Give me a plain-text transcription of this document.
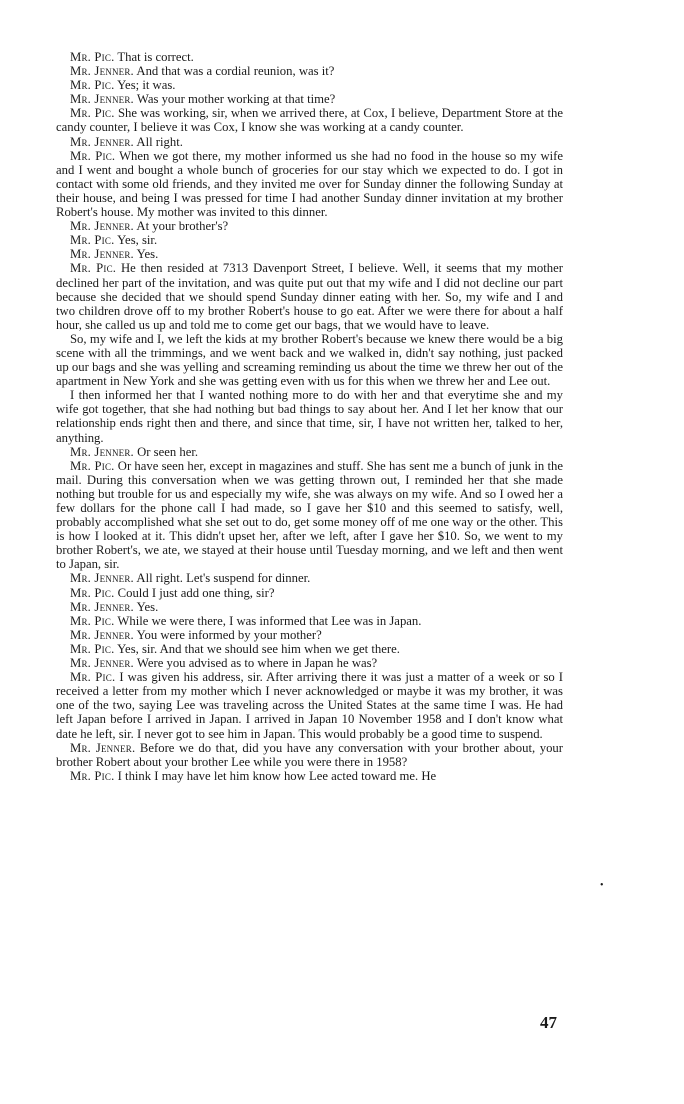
Mr. Pic. That is correct.

Mr. Jenner. And that was a cordial reunion, was it?

Mr. Pic. Yes; it was.

Mr. Jenner. Was your mother working at that time?

Mr. Pic. She was working, sir, when we arrived there, at Cox, I believe, Department Store at the candy counter, I believe it was Cox, I know she was working at a candy counter.

Mr. Jenner. All right.

Mr. Pic. When we got there, my mother informed us she had no food in the house so my wife and I went and bought a whole bunch of groceries for our stay which we expected to do. I got in contact with some old friends, and they invited me over for Sunday dinner the following Sunday at their house, and being I was pressed for time I had another Sunday dinner invitation at my brother Robert's house. My mother was invited to this dinner.

Mr. Jenner. At your brother's?

Mr. Pic. Yes, sir.

Mr. Jenner. Yes.

Mr. Pic. He then resided at 7313 Davenport Street, I believe. Well, it seems that my mother declined her part of the invitation, and was quite put out that my wife and I did not decline our part because she decided that we should spend Sunday dinner eating with her. So, my wife and I and two children drove off to my brother Robert's house to go eat. After we were there for about a half hour, she called us up and told me to come get our bags, that we would have to leave.

So, my wife and I, we left the kids at my brother Robert's because we knew there would be a big scene with all the trimmings, and we went back and we walked in, didn't say nothing, just packed up our bags and she was yelling and screaming reminding us about the time we threw her out of the apartment in New York and she was getting even with us for this when we threw her and Lee out.

I then informed her that I wanted nothing more to do with her and that everytime she and my wife got together, that she had nothing but bad things to say about her. And I let her know that our relationship ends right then and there, and since that time, sir, I have not written her, talked to her, anything.

Mr. Jenner. Or seen her.

Mr. Pic. Or have seen her, except in magazines and stuff. She has sent me a bunch of junk in the mail. During this conversation when we was getting thrown out, I reminded her that she made nothing but trouble for us and especially my wife, she was always on my wife. And so I owed her a few dollars for the phone call I had made, so I gave her $10 and this seemed to satisfy, well, probably accomplished what she set out to do, get some money off of me one way or the other. This is how I looked at it. This didn't upset her, after we left, after I gave her $10. So, we went to my brother Robert's, we ate, we stayed at their house until Tuesday morning, and we left and then went to Japan, sir.

Mr. Jenner. All right. Let's suspend for dinner.

Mr. Pic. Could I just add one thing, sir?

Mr. Jenner. Yes.

Mr. Pic. While we were there, I was informed that Lee was in Japan.

Mr. Jenner. You were informed by your mother?

Mr. Pic. Yes, sir. And that we should see him when we get there.

Mr. Jenner. Were you advised as to where in Japan he was?

Mr. Pic. I was given his address, sir. After arriving there it was just a matter of a week or so I received a letter from my mother which I never acknowledged or maybe it was my brother, it was one of the two, saying Lee was traveling across the United States at the same time I was. He had left Japan before I arrived in Japan. I arrived in Japan 10 November 1958 and I don't know what date he left, sir. I never got to see him in Japan. This would probably be a good time to suspend.

Mr. Jenner. Before we do that, did you have any conversation with your brother about, your brother Robert about your brother Lee while you were there in 1958?

Mr. Pic. I think I may have let him know how Lee acted toward me. He

•
47
